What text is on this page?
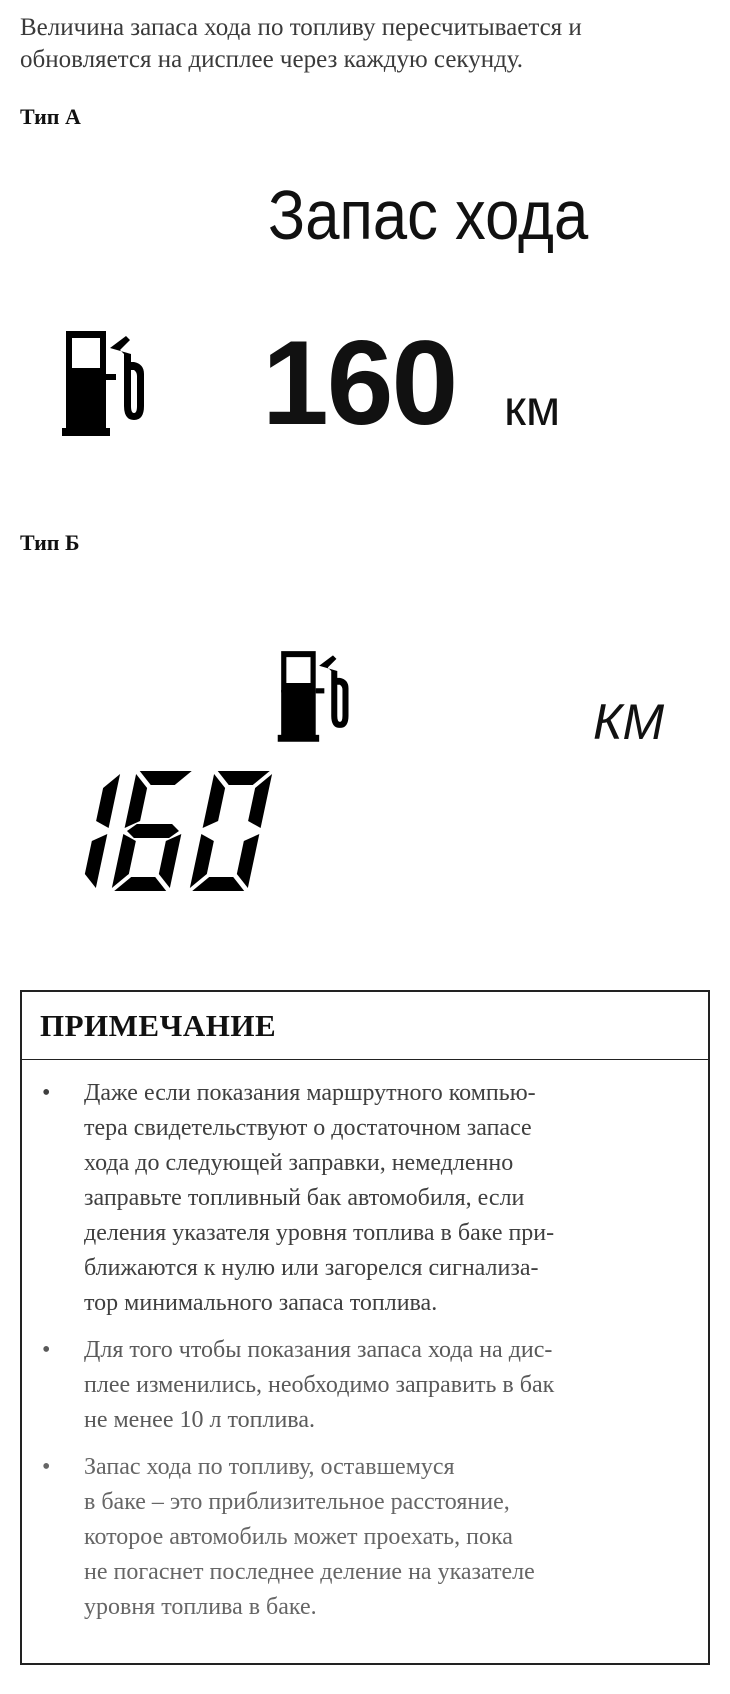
Величина запаса хода по топливу пересчитывается и
обновляется на дисплее через каждую секунду.
Тип А
Запас хода
160 км
Тип Б
КМ
160
ПРИМЕЧАНИЕ
• Даже если показания маршрутного компью-
тера свидетельствуют о достаточном запасе
хода до следующей заправки, немедленно
заправьте топливный бак автомобиля, если
деления указателя уровня топлива в баке при-
ближаются к нулю или загорелся сигнализа-
тор минимального запаса топлива.
• Для того чтобы показания запаса хода на дис-
плее изменились, необходимо заправить в бак
не менее 10 л топлива.
• Запас хода по топливу, оставшемуся
в баке – это приблизительное расстояние,
которое автомобиль может проехать, пока
не погаснет последнее деление на указателе
уровня топлива в баке.
